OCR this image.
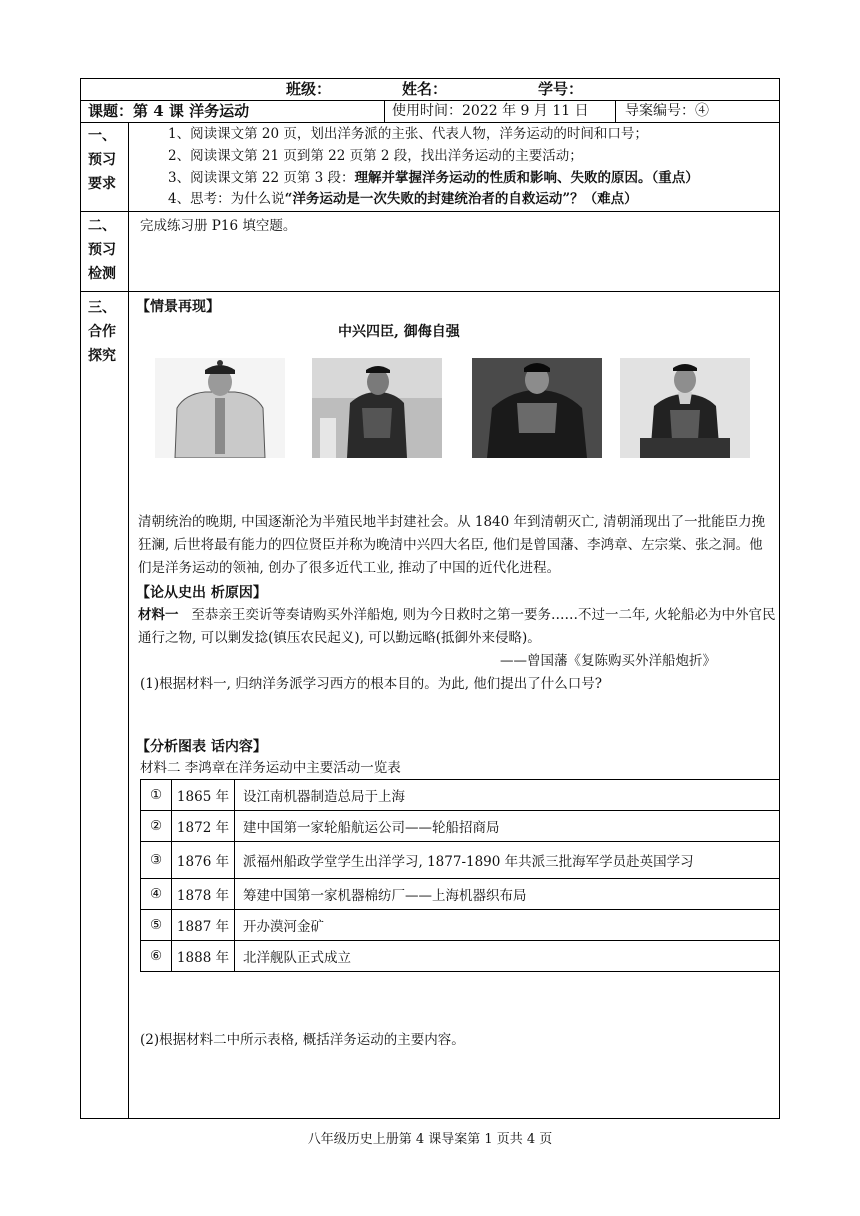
班级：	姓名：	学号：
课题：第 4 课 洋务运动	使用时间：2022 年 9 月 11 日	导案编号：④
一、
预习
要求
1、阅读课文第 20 页，划出洋务派的主张、代表人物，洋务运动的时间和口号；
2、阅读课文第 21 页到第 22 页第 2 段，找出洋务运动的主要活动；
3、阅读课文第 22 页第 3 段：理解并掌握洋务运动的性质和影响、失败的原因。（重点）
4、思考：为什么说“洋务运动是一次失败的封建统治者的自救运动”？（难点）
二、
预习
检测
完成练习册 P16 填空题。
三、
合作
探究
【情景再现】
中兴四臣, 御侮自强
清朝统治的晚期, 中国逐渐沦为半殖民地半封建社会。从 1840 年到清朝灭亡, 清朝涌现出了一批能臣力挽狂澜, 后世将最有能力的四位贤臣并称为晚清中兴四大名臣, 他们是曾国藩、李鸿章、左宗棠、张之洞。他们是洋务运动的领袖, 创办了很多近代工业, 推动了中国的近代化进程。
【论从史出 析原因】
材料一 至恭亲王奕䜣等奏请购买外洋船炮, 则为今日救时之第一要务……不过一二年, 火轮船必为中外官民通行之物, 可以剿发捻(镇压农民起义), 可以勤远略(抵御外来侵略)。
——曾国藩《复陈购买外洋船炮折》
(1)根据材料一, 归纳洋务派学习西方的根本目的。为此, 他们提出了什么口号?
【分析图表 话内容】
材料二 李鸿章在洋务运动中主要活动一览表
①	1865 年	设江南机器制造总局于上海
②	1872 年	建中国第一家轮船航运公司——轮船招商局
③	1876 年	派福州船政学堂学生出洋学习, 1877-1890 年共派三批海军学员赴英国学习
④	1878 年	筹建中国第一家机器棉纺厂——上海机器织布局
⑤	1887 年	开办漠河金矿
⑥	1888 年	北洋舰队正式成立
(2)根据材料二中所示表格, 概括洋务运动的主要内容。
八年级历史上册第 4 课导案第 1 页共 4 页
